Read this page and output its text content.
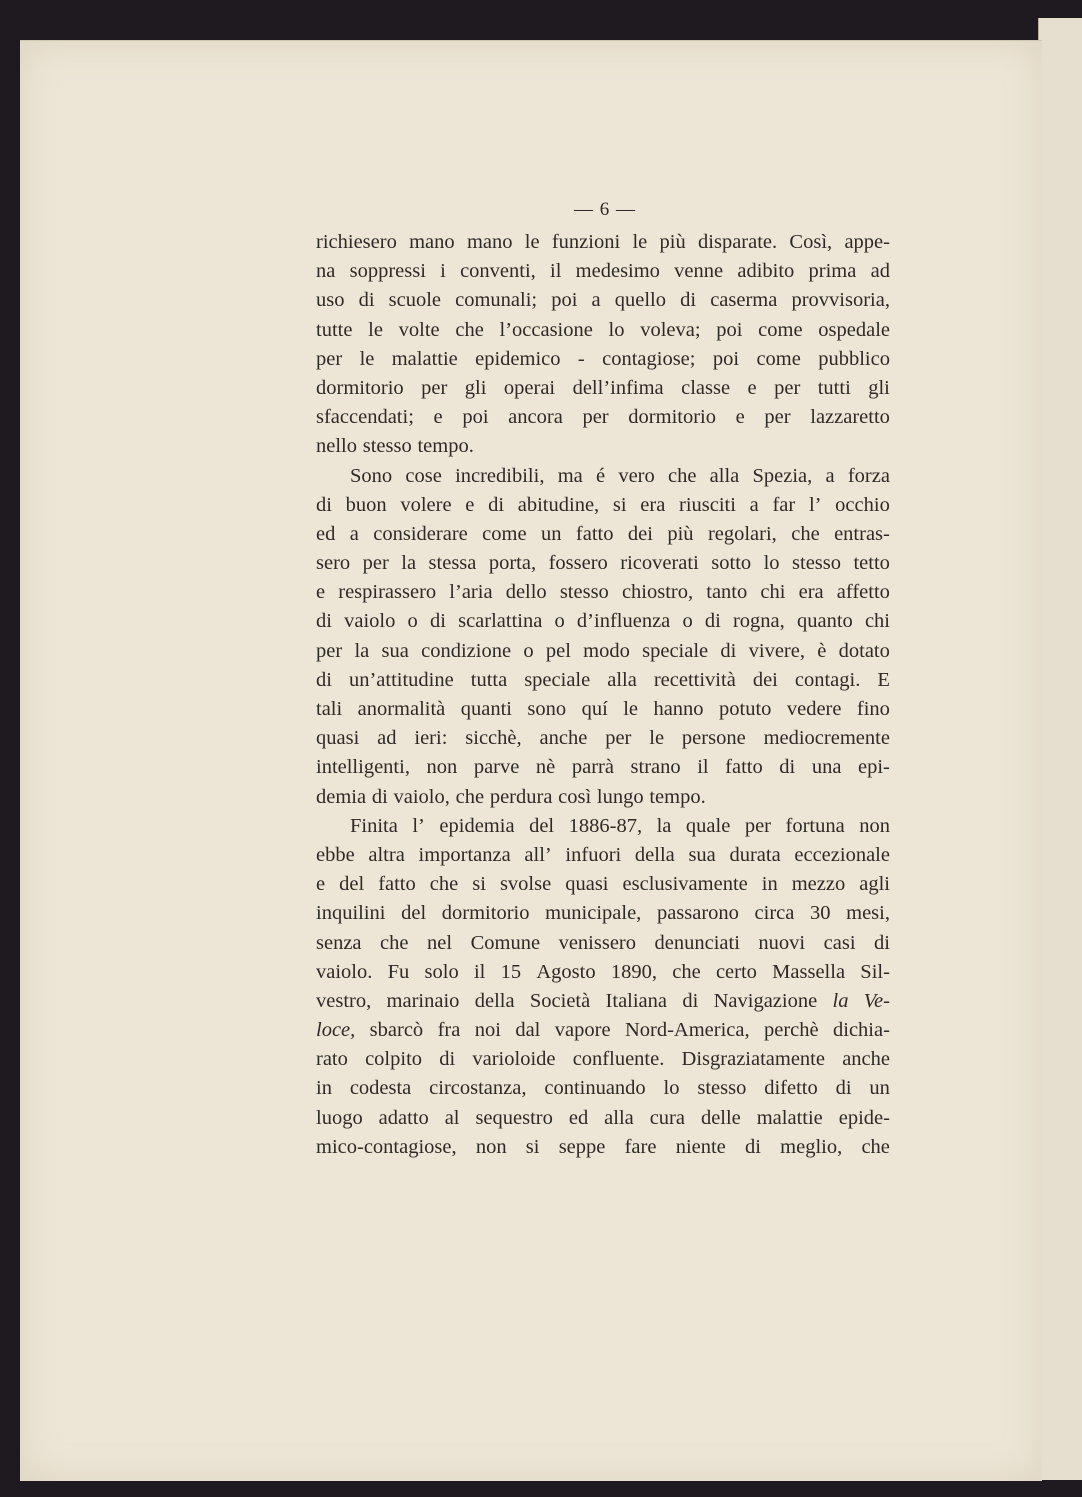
— 6 —
richiesero mano mano le funzioni le più disparate. Così, appe-
na soppressi i conventi, il medesimo venne adibito prima ad
uso di scuole comunali; poi a quello di caserma provvisoria,
tutte le volte che l’occasione lo voleva; poi come ospedale
per le malattie epidemico - contagiose; poi come pubblico
dormitorio per gli operai dell’infima classe e per tutti gli
sfaccendati; e poi ancora per dormitorio e per lazzaretto
nello stesso tempo.
Sono cose incredibili, ma é vero che alla Spezia, a forza
di buon volere e di abitudine, si era riusciti a far l’ occhio
ed a considerare come un fatto dei più regolari, che entras-
sero per la stessa porta, fossero ricoverati sotto lo stesso tetto
e respirassero l’aria dello stesso chiostro, tanto chi era affetto
di vaiolo o di scarlattina o d’influenza o di rogna, quanto chi
per la sua condizione o pel modo speciale di vivere, è dotato
di un’attitudine tutta speciale alla recettività dei contagi. E
tali anormalità quanti sono quí le hanno potuto vedere fino
quasi ad ieri: sicchè, anche per le persone mediocremente
intelligenti, non parve nè parrà strano il fatto di una epi-
demia di vaiolo, che perdura così lungo tempo.
Finita l’ epidemia del 1886-87, la quale per fortuna non
ebbe altra importanza all’ infuori della sua durata eccezionale
e del fatto che si svolse quasi esclusivamente in mezzo agli
inquilini del dormitorio municipale, passarono circa 30 mesi,
senza che nel Comune venissero denunciati nuovi casi di
vaiolo. Fu solo il 15 Agosto 1890, che certo Massella Sil-
vestro, marinaio della Società Italiana di Navigazione la Ve-
loce, sbarcò fra noi dal vapore Nord-America, perchè dichia-
rato colpito di varioloide confluente. Disgraziatamente anche
in codesta circostanza, continuando lo stesso difetto di un
luogo adatto al sequestro ed alla cura delle malattie epide-
mico-contagiose, non si seppe fare niente di meglio, che
